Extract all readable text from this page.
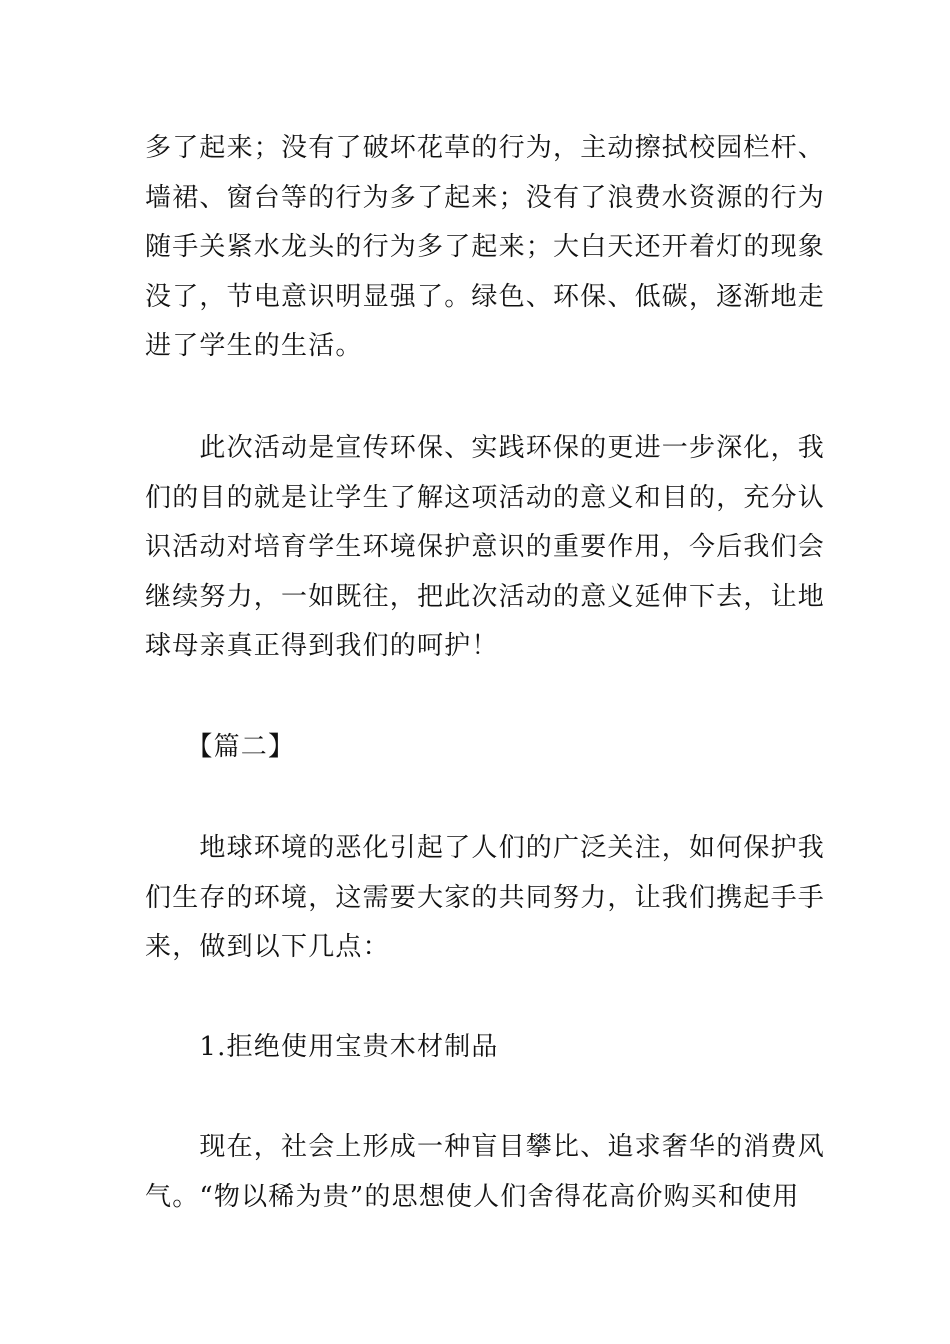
多了起来；没有了破坏花草的行为，主动擦拭校园栏杆、
墙裙、窗台等的行为多了起来；没有了浪费水资源的行为
随手关紧水龙头的行为多了起来；大白天还开着灯的现象
没了，节电意识明显强了。绿色、环保、低碳，逐渐地走
进了学生的生活。
　　此次活动是宣传环保、实践环保的更进一步深化，我
们的目的就是让学生了解这项活动的意义和目的，充分认
识活动对培育学生环境保护意识的重要作用，今后我们会
继续努力，一如既往，把此次活动的意义延伸下去，让地
球母亲真正得到我们的呵护！
　　【篇二】
　　地球环境的恶化引起了人们的广泛关注，如何保护我
们生存的环境，这需要大家的共同努力，让我们携起手手
来，做到以下几点：
　　1.拒绝使用宝贵木材制品
　　现在，社会上形成一种盲目攀比、追求奢华的消费风
气。“物以稀为贵”的思想使人们舍得花高价购买和使用
